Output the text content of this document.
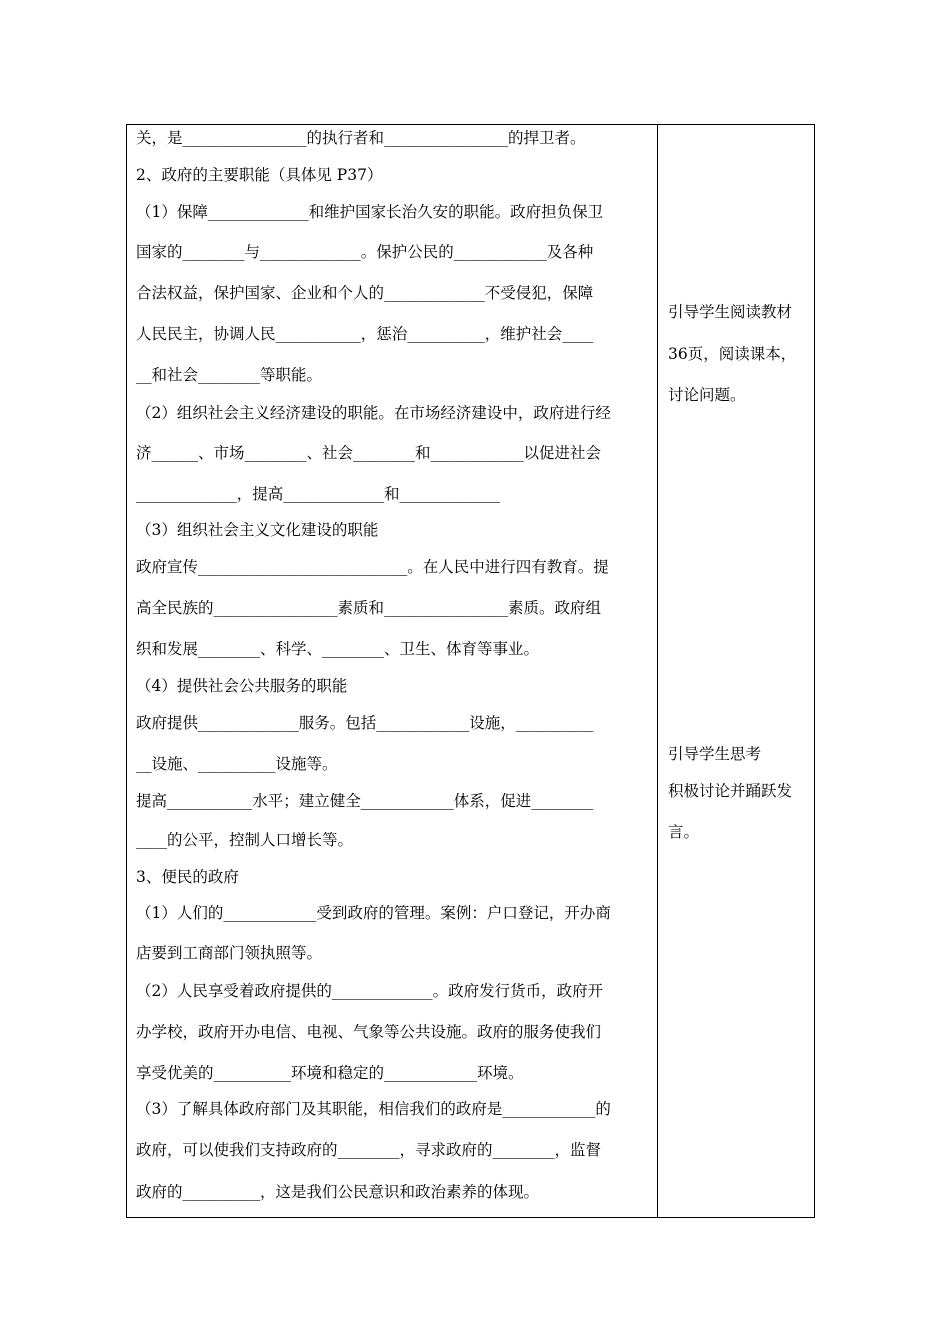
关，是________________的执行者和________________的捍卫者。
2、政府的主要职能（具体见 P37）
（1）保障_____________和维护国家长治久安的职能。政府担负保卫
国家的________与_____________。保护公民的____________及各种
合法权益，保护国家、企业和个人的_____________不受侵犯，保障
人民民主，协调人民___________，惩治__________，维护社会____
__和社会________等职能。
（2）组织社会主义经济建设的职能。在市场经济建设中，政府进行经
济______、市场________、社会________和____________以促进社会
_____________，提高_____________和_____________
（3）组织社会主义文化建设的职能
政府宣传___________________________。在人民中进行四有教育。提
高全民族的________________素质和________________素质。政府组
织和发展________、科学、________、卫生、体育等事业。
（4）提供社会公共服务的职能
政府提供_____________服务。包括____________设施，__________
__设施、__________设施等。
提高___________水平；建立健全____________体系，促进________
____的公平，控制人口增长等。
3、便民的政府
（1）人们的____________受到政府的管理。案例：户口登记，开办商
店要到工商部门领执照等。
（2）人民享受着政府提供的_____________。政府发行货币，政府开
办学校，政府开办电信、电视、气象等公共设施。政府的服务使我们
享受优美的__________环境和稳定的____________环境。
（3）了解具体政府部门及其职能，相信我们的政府是____________的
政府，可以使我们支持政府的________，寻求政府的________，监督
政府的__________，这是我们公民意识和政治素养的体现。
引导学生阅读教材
36页，阅读课本，
讨论问题。
引导学生思考
积极讨论并踊跃发
言。
